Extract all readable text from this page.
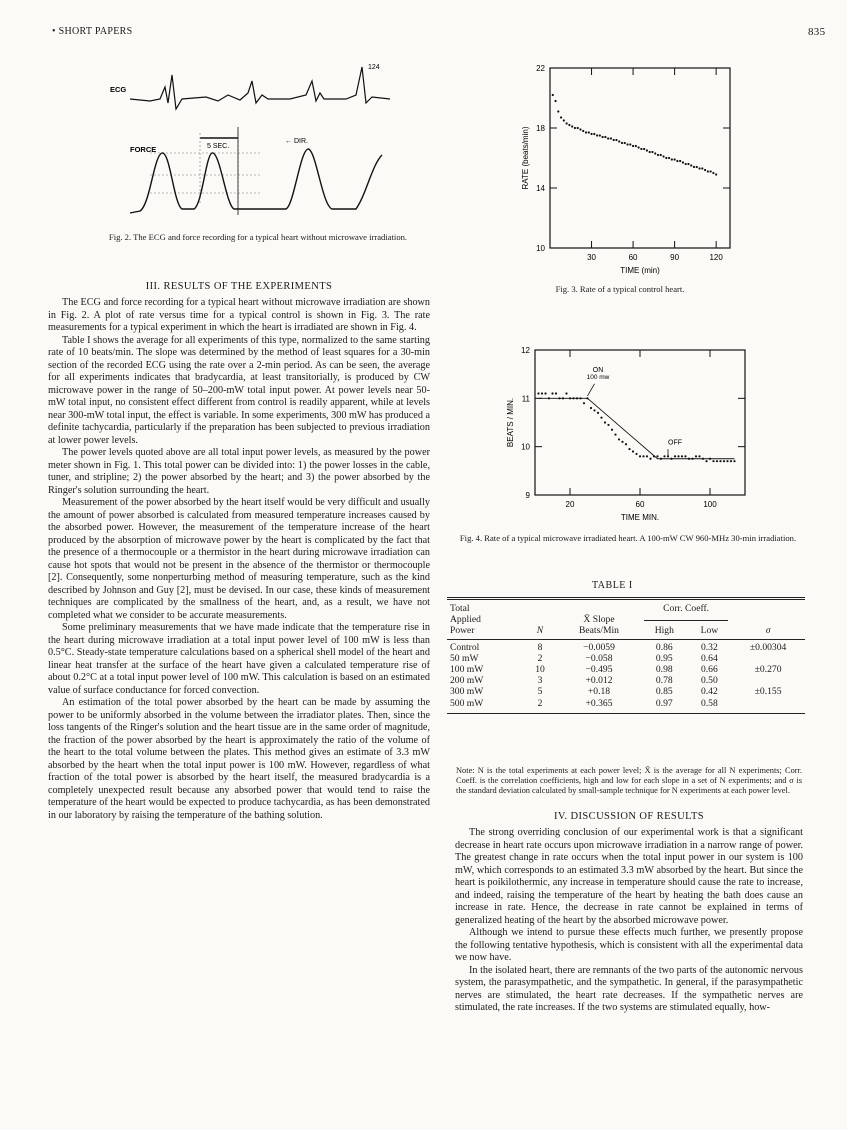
• SHORT PAPERS	835
124
ECG
FORCE	5 SEC.
← DIR.
Fig. 2. The ECG and force recording for a typical heart without microwave irradiation.
30	60	90	120
10
14
18
22
TIME (min)
RATE (beats/min)
Fig. 3. Rate of a typical control heart.
20	60	100
9
10
11
12
TIME MIN.
BEATS / MIN.
ON
100 mw
OFF
Fig. 4. Rate of a typical microwave irradiated heart. A 100-mW CW 960-MHz 30-min irradiation.
III. RESULTS OF THE EXPERIMENTS

The ECG and force recording for a typical heart without microwave irradiation are shown in Fig. 2. A plot of rate versus time for a typical control is shown in Fig. 3. The rate measurements for a typical experiment in which the heart is irradiated are shown in Fig. 4.

Table I shows the average for all experiments of this type, normalized to the same starting rate of 10 beats/min. The slope was determined by the method of least squares for a 30-min section of the recorded ECG using the rate over a 2-min period. As can be seen, the average for all experiments indicates that bradycardia, at least transitorially, is produced by CW microwave power in the range of 50–200-mW total input power. At power levels near 50-mW total input, no consistent effect different from control is readily apparent, while at levels near 300-mW total input, the effect is variable. In some experiments, 300 mW has produced a definite tachycardia, particularly if the preparation has been subjected to previous irradiation at lower power levels.

The power levels quoted above are all total input power levels, as measured by the power meter shown in Fig. 1. This total power can be divided into: 1) the power losses in the cable, tuner, and stripline; 2) the power absorbed by the heart; and 3) the power absorbed by the Ringer's solution surrounding the heart.

Measurement of the power absorbed by the heart itself would be very difficult and usually the amount of power absorbed is calculated from measured temperature increases caused by the absorbed power. However, the measurement of the temperature increase of the heart produced by the absorption of microwave power by the heart is complicated by the fact that the presence of a thermocouple or a thermistor in the heart during microwave irradiation can cause hot spots that would not be present in the absence of the thermistor or thermocouple [2]. Consequently, some nonperturbing method of measuring temperature, such as the kind described by Johnson and Guy [2], must be devised. In our case, these kinds of measurement techniques are complicated by the smallness of the heart, and, as a result, we have not completed what we consider to be accurate measurements.

Some preliminary measurements that we have made indicate that the temperature rise in the heart during microwave irradiation at a total input power level of 100 mW is less than 0.5°C. Steady-state temperature calculations based on a spherical shell model of the heart and linear heat transfer at the surface of the heart have given a calculated temperature rise of about 0.2°C at a total input power level of 100 mW. This calculation is based on an estimated value of surface conductance for forced convection.

An estimation of the total power absorbed by the heart can be made by assuming the power to be uniformly absorbed in the volume between the irradiator plates. Then, since the loss tangents of the Ringer's solution and the heart tissue are in the same order of magnitude, the fraction of the power absorbed by the heart is approximately the ratio of the volume of the heart to the total volume between the plates. This method gives an estimate of 3.3 mW absorbed by the heart when the total input power is 100 mW. However, regardless of what fraction of the total power is absorbed by the heart itself, the measured bradycardia is a completely unexpected result because any absorbed power that would tend to raise the temperature of the heart would be expected to produce tachycardia, as has been demonstrated in our laboratory by raising the temperature of the bathing solution.

TABLE I
Total			Corr. Coeff.		
Applied		X̄ Slope		

Power	N	Beats/Min	High	Low	σ

Control	8	−0.0059	0.86	0.32	±0.00304
50 mW	2	−0.058	0.95	0.64	
100 mW	10	−0.495	0.98	0.66	±0.270
200 mW	3	+0.012	0.78	0.50	
300 mW	5	+0.18	0.85	0.42	±0.155
500 mW	2	+0.365	0.97	0.58	
Note: N is the total experiments at each power level; X̄ is the average for all N experiments; Corr. Coeff. is the correlation coefficients, high and low for each slope in a set of N experiments; and σ is the standard deviation calculated by small-sample technique for N experiments at each power level.
IV. DISCUSSION OF RESULTS

The strong overriding conclusion of our experimental work is that a significant decrease in heart rate occurs upon microwave irradiation in a narrow range of power. The greatest change in rate occurs when the total input power in our system is 100 mW, which corresponds to an estimated 3.3 mW absorbed by the heart. But since the heart is poikilothermic, any increase in temperature should cause the rate to increase, and indeed, raising the temperature of the heart by heating the bath does cause an increase in rate. Hence, the decrease in rate cannot be explained in terms of generalized heating of the heart by the absorbed microwave power.

Although we intend to pursue these effects much further, we presently propose the following tentative hypothesis, which is consistent with all the experimental data we now have.

In the isolated heart, there are remnants of the two parts of the autonomic nervous system, the parasympathetic, and the sympathetic. In general, if the parasympathetic nerves are stimulated, the heart rate decreases. If the sympathetic nerves are stimulated, the rate increases. If the two systems are stimulated equally, how-
